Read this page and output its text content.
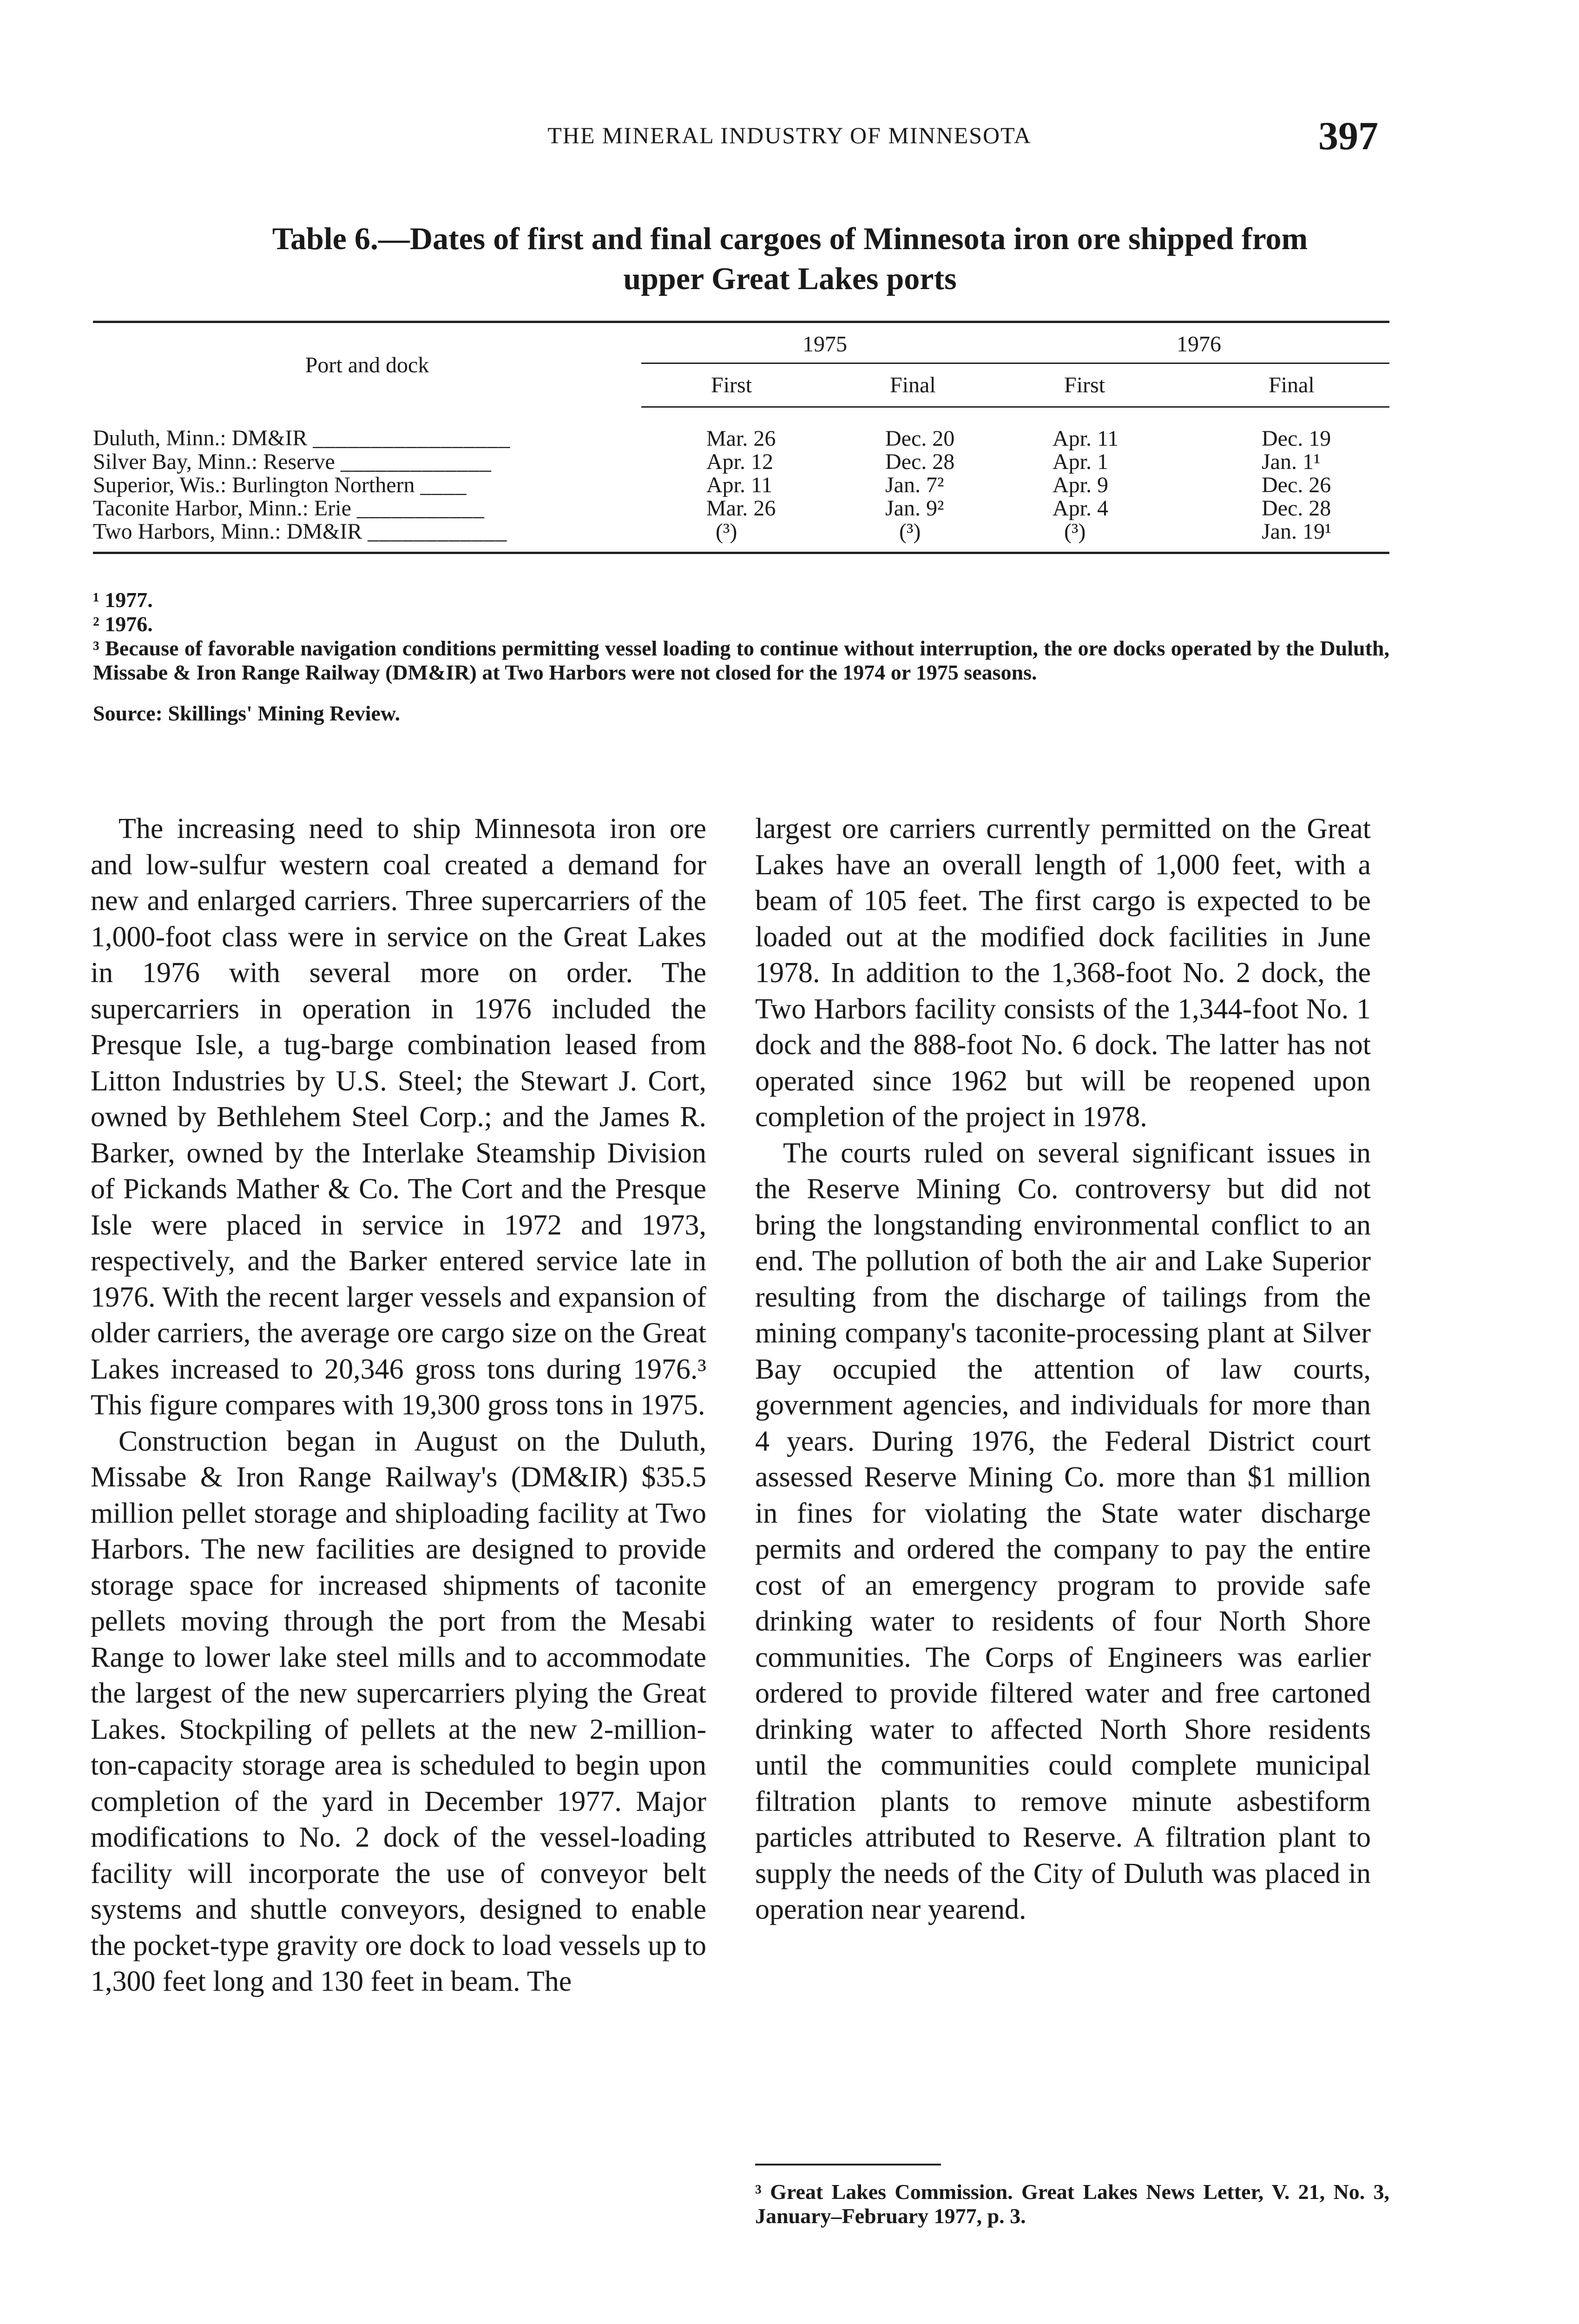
THE MINERAL INDUSTRY OF MINNESOTA	397
Table 6.—Dates of first and final cargoes of Minnesota iron ore shipped from
upper Great Lakes ports
Port and dock	1975		1976	
	First	Final	First	Final
Duluth, Minn.: DM&IR _________________	Mar. 26	Dec. 20	Apr. 11	Dec. 19
Silver Bay, Minn.: Reserve _____________	Apr. 12	Dec. 28	Apr. 1	Jan. 1¹
Superior, Wis.: Burlington Northern ____	Apr. 11	Jan. 7²	Apr. 9	Dec. 26
Taconite Harbor, Minn.: Erie ___________	Mar. 26	Jan. 9²	Apr. 4	Dec. 28
Two Harbors, Minn.: DM&IR ____________	(³)	(³)	(³)	Jan. 19¹

¹ 1977.

² 1976.

³ Because of favorable navigation conditions permitting vessel loading to continue without interruption, the ore docks operated by the Duluth, Missabe & Iron Range Railway (DM&IR) at Two Harbors were not closed for the 1974 or 1975 seasons.

Source: Skillings' Mining Review.

The increasing need to ship Minnesota iron ore and low-sulfur western coal created a demand for new and enlarged carriers. Three supercarriers of the 1,000-foot class were in service on the Great Lakes in 1976 with several more on order. The supercarriers in operation in 1976 included the Presque Isle, a tug-barge combination leased from Litton Industries by U.S. Steel; the Stewart J. Cort, owned by Bethlehem Steel Corp.; and the James R. Barker, owned by the Interlake Steamship Division of Pickands Mather & Co. The Cort and the Presque Isle were placed in service in 1972 and 1973, respectively, and the Barker entered service late in 1976. With the recent larger vessels and expansion of older carriers, the average ore cargo size on the Great Lakes increased to 20,346 gross tons during 1976.³ This figure compares with 19,300 gross tons in 1975.

Construction began in August on the Duluth, Missabe & Iron Range Railway's (DM&IR) $35.5 million pellet storage and shiploading facility at Two Harbors. The new facilities are designed to provide storage space for increased shipments of taconite pellets moving through the port from the Mesabi Range to lower lake steel mills and to accommodate the largest of the new supercarriers plying the Great Lakes. Stockpiling of pellets at the new 2-million-ton-capacity storage area is scheduled to begin upon completion of the yard in December 1977. Major modifications to No. 2 dock of the vessel-loading facility will incorporate the use of conveyor belt systems and shuttle conveyors, designed to enable the pocket-type gravity ore dock to load vessels up to 1,300 feet long and 130 feet in beam. The

largest ore carriers currently permitted on the Great Lakes have an overall length of 1,000 feet, with a beam of 105 feet. The first cargo is expected to be loaded out at the modified dock facilities in June 1978. In addition to the 1,368-foot No. 2 dock, the Two Harbors facility consists of the 1,344-foot No. 1 dock and the 888-foot No. 6 dock. The latter has not operated since 1962 but will be reopened upon completion of the project in 1978.

The courts ruled on several significant issues in the Reserve Mining Co. controversy but did not bring the longstanding environmental conflict to an end. The pollution of both the air and Lake Superior resulting from the discharge of tailings from the mining company's taconite-processing plant at Silver Bay occupied the attention of law courts, government agencies, and individuals for more than 4 years. During 1976, the Federal District court assessed Reserve Mining Co. more than $1 million in fines for violating the State water discharge permits and ordered the company to pay the entire cost of an emergency program to provide safe drinking water to residents of four North Shore communities. The Corps of Engineers was earlier ordered to provide filtered water and free cartoned drinking water to affected North Shore residents until the communities could complete municipal filtration plants to remove minute asbestiform particles attributed to Reserve. A filtration plant to supply the needs of the City of Duluth was placed in operation near yearend.

³ Great Lakes Commission. Great Lakes News Letter, V. 21, No. 3, January–February 1977, p. 3.
